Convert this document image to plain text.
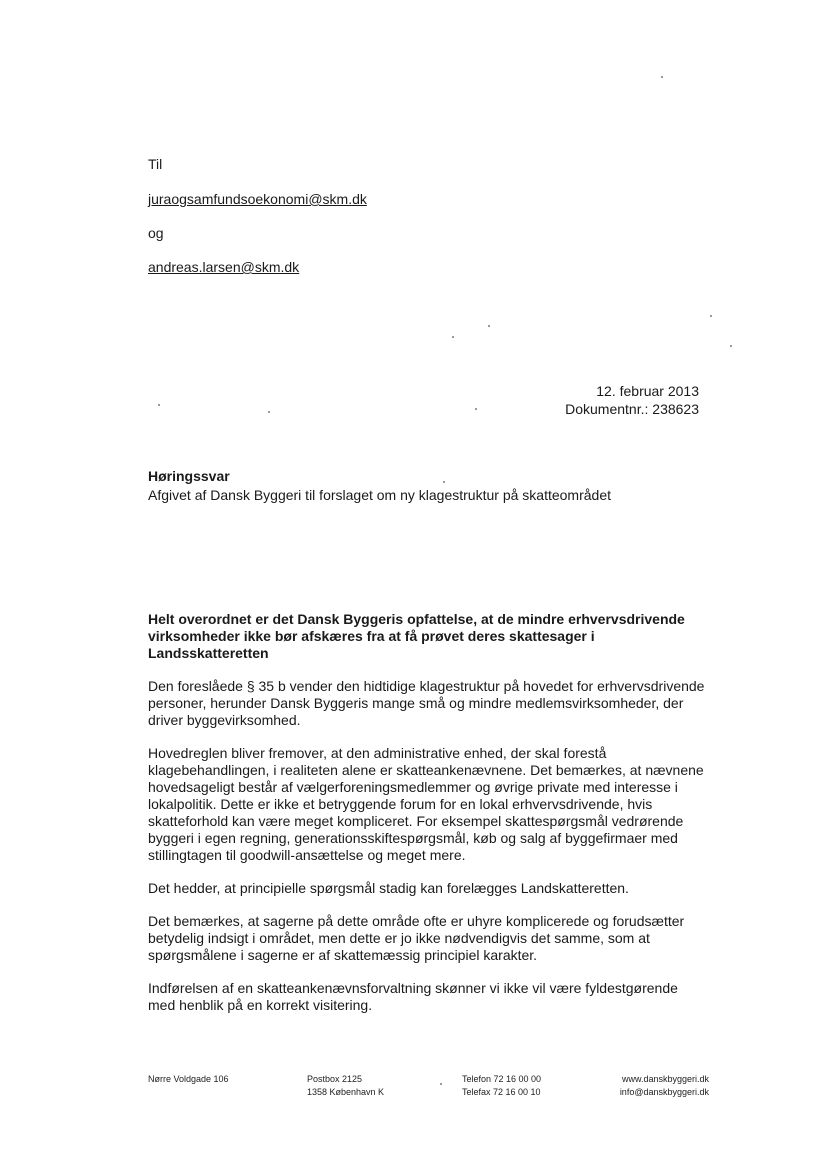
Til
juraogsamfundsoekonomi@skm.dk
og
andreas.larsen@skm.dk
12. februar 2013
Dokumentnr.: 238623
Høringssvar
Afgivet af Dansk Byggeri til forslaget om ny klagestruktur på skatteområdet
Helt overordnet er det Dansk Byggeris opfattelse, at de mindre erhvervsdrivende virksomheder ikke bør afskæres fra at få prøvet deres skattesager i Landsskatteretten

Den foreslåede § 35 b vender den hidtidige klagestruktur på hovedet for erhvervsdrivende personer, herunder Dansk Byggeris mange små og mindre medlemsvirksomheder, der driver byggevirksomhed.

Hovedreglen bliver fremover, at den administrative enhed, der skal forestå klagebehandlingen, i realiteten alene er skatteankenævnene. Det bemærkes, at nævnene hovedsageligt består af vælgerforeningsmedlemmer og øvrige private med interesse i lokalpolitik. Dette er ikke et betryggende forum for en lokal erhvervsdrivende, hvis skatteforhold kan være meget kompliceret. For eksempel skattespørgsmål vedrørende byggeri i egen regning, generationsskiftespørgsmål, køb og salg af byggefirmaer med stillingtagen til goodwill-ansættelse og meget mere.

Det hedder, at principielle spørgsmål stadig kan forelægges Landskatteretten.

Det bemærkes, at sagerne på dette område ofte er uhyre komplicerede og forudsætter betydelig indsigt i området, men dette er jo ikke nødvendigvis det samme, som at spørgsmålene i sagerne er af skattemæssig principiel karakter.

Indførelsen af en skatteankenævnsforvaltning skønner vi ikke vil være fyldestgørende med henblik på en korrekt visitering.

Nørre Voldgade 106	Postbox 2125
1358 København K
Telefon 72 16 00 00
Telefax 72 16 00 10
www.danskbyggeri.dk
info@danskbyggeri.dk
